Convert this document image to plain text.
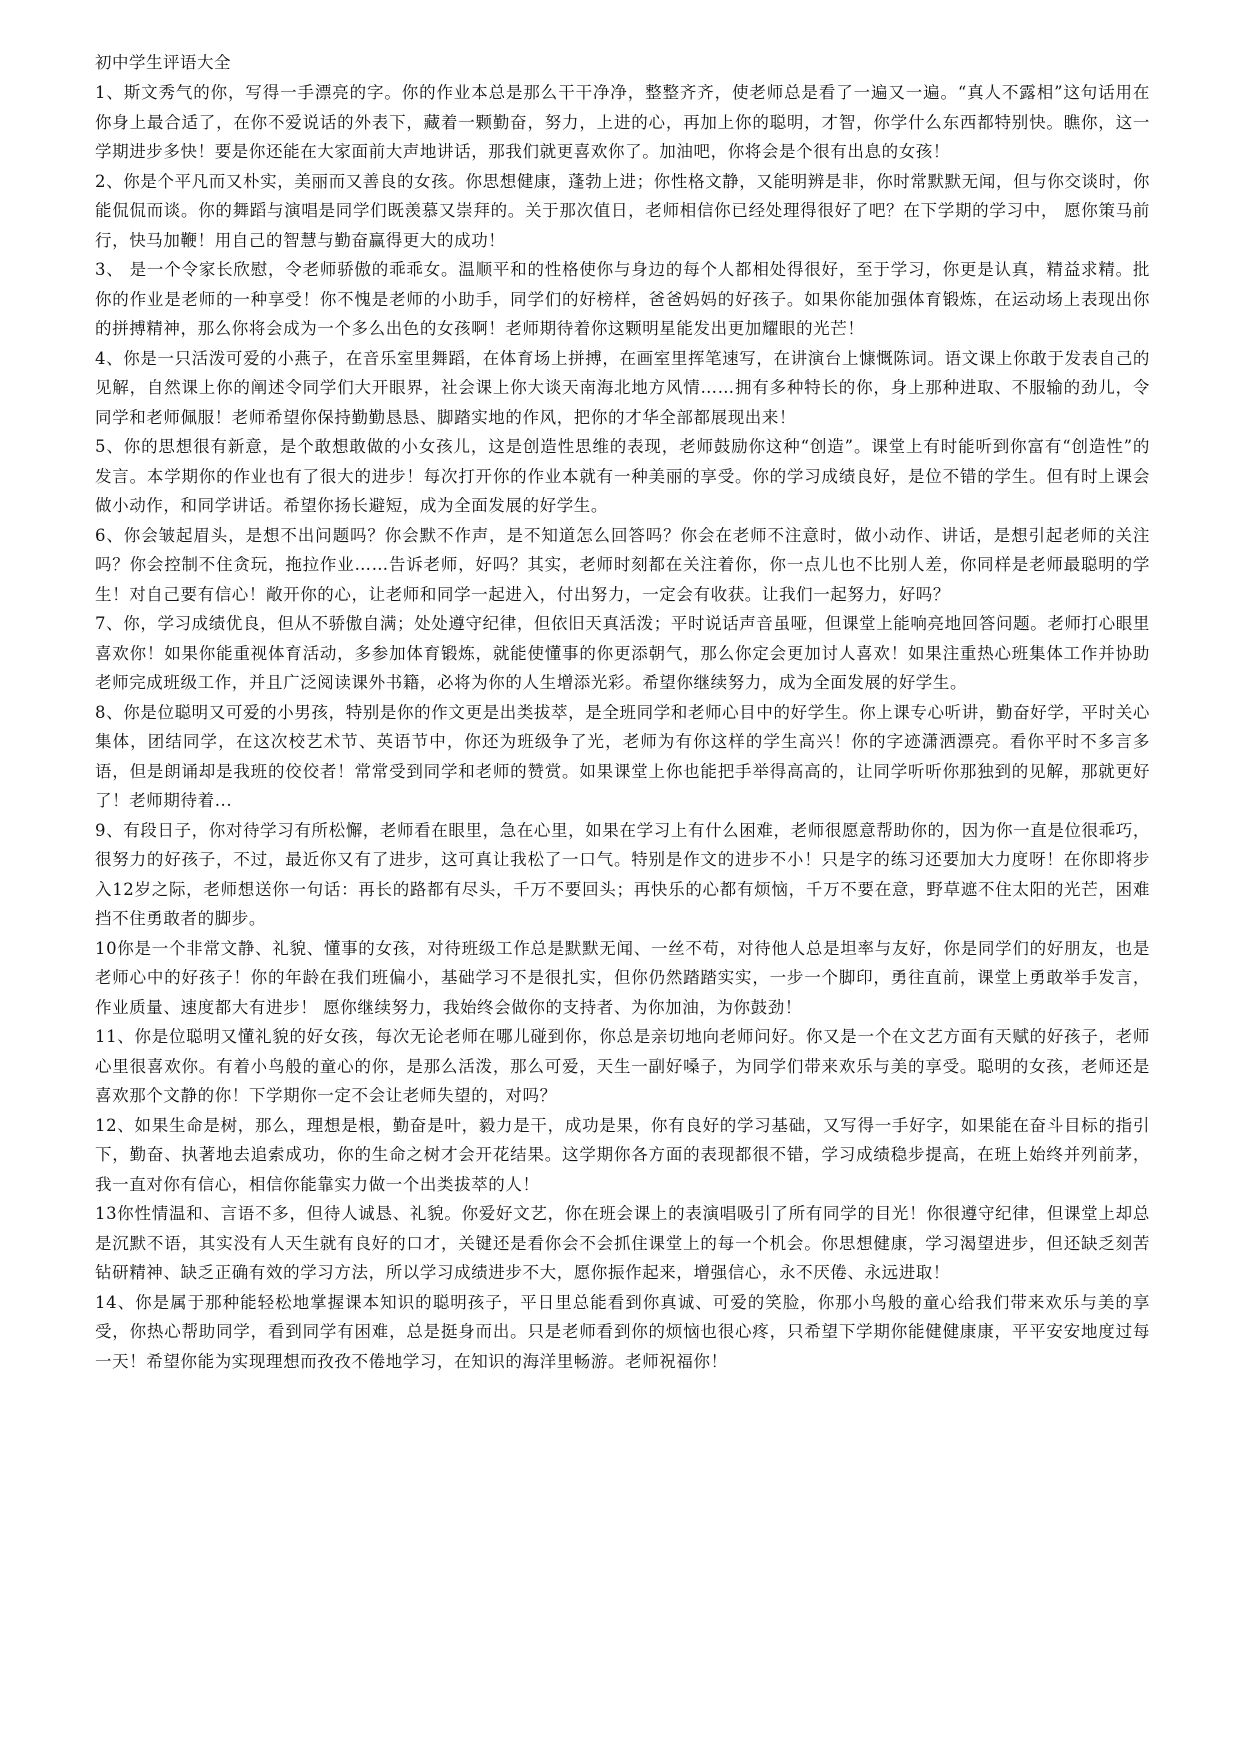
初中学生评语大全

1、斯文秀气的你，写得一手漂亮的字。你的作业本总是那么干干净净，整整齐齐，使老师总是看了一遍又一遍。“真人不露相”这句话用在你身上最合适了，在你不爱说话的外表下，藏着一颗勤奋，努力，上进的心，再加上你的聪明，才智，你学什么东西都特别快。瞧你，这一学期进步多快！要是你还能在大家面前大声地讲话，那我们就更喜欢你了。加油吧，你将会是个很有出息的女孩！

2、你是个平凡而又朴实，美丽而又善良的女孩。你思想健康，蓬勃上进；你性格文静，又能明辨是非，你时常默默无闻，但与你交谈时，你能侃侃而谈。你的舞蹈与演唱是同学们既羡慕又崇拜的。关于那次值日，老师相信你已经处理得很好了吧？在下学期的学习中， 愿你策马前行，快马加鞭！用自己的智慧与勤奋赢得更大的成功！

3、 是一个令家长欣慰，令老师骄傲的乖乖女。温顺平和的性格使你与身边的每个人都相处得很好，至于学习，你更是认真，精益求精。批你的作业是老师的一种享受！你不愧是老师的小助手，同学们的好榜样，爸爸妈妈的好孩子。如果你能加强体育锻炼，在运动场上表现出你的拼搏精神，那么你将会成为一个多么出色的女孩啊！老师期待着你这颗明星能发出更加耀眼的光芒！

4、你是一只活泼可爱的小燕子，在音乐室里舞蹈，在体育场上拼搏，在画室里挥笔速写，在讲演台上慷慨陈词。语文课上你敢于发表自己的见解，自然课上你的阐述令同学们大开眼界，社会课上你大谈天南海北地方风情……拥有多种特长的你，身上那种进取、不服输的劲儿，令同学和老师佩服！老师希望你保持勤勤恳恳、脚踏实地的作风，把你的才华全部都展现出来！

5、你的思想很有新意，是个敢想敢做的小女孩儿，这是创造性思维的表现，老师鼓励你这种“创造”。课堂上有时能听到你富有“创造性”的发言。本学期你的作业也有了很大的进步！每次打开你的作业本就有一种美丽的享受。你的学习成绩良好，是位不错的学生。但有时上课会做小动作，和同学讲话。希望你扬长避短，成为全面发展的好学生。

6、你会皱起眉头，是想不出问题吗？你会默不作声，是不知道怎么回答吗？你会在老师不注意时，做小动作、讲话，是想引起老师的关注吗？你会控制不住贪玩，拖拉作业……告诉老师，好吗？其实，老师时刻都在关注着你，你一点儿也不比别人差，你同样是老师最聪明的学生！对自己要有信心！敞开你的心，让老师和同学一起进入，付出努力，一定会有收获。让我们一起努力，好吗？

7、你，学习成绩优良，但从不骄傲自满；处处遵守纪律，但依旧天真活泼；平时说话声音虽哑，但课堂上能响亮地回答问题。老师打心眼里喜欢你！如果你能重视体育活动，多参加体育锻炼，就能使懂事的你更添朝气，那么你定会更加讨人喜欢！如果注重热心班集体工作并协助老师完成班级工作，并且广泛阅读课外书籍，必将为你的人生增添光彩。希望你继续努力，成为全面发展的好学生。

8、你是位聪明又可爱的小男孩，特别是你的作文更是出类拔萃，是全班同学和老师心目中的好学生。你上课专心听讲，勤奋好学，平时关心集体，团结同学，在这次校艺术节、英语节中，你还为班级争了光，老师为有你这样的学生高兴！你的字迹潇洒漂亮。看你平时不多言多语，但是朗诵却是我班的佼佼者！常常受到同学和老师的赞赏。如果课堂上你也能把手举得高高的，让同学听听你那独到的见解，那就更好了！老师期待着...

9、有段日子，你对待学习有所松懈，老师看在眼里，急在心里，如果在学习上有什么困难，老师很愿意帮助你的，因为你一直是位很乖巧，很努力的好孩子，不过，最近你又有了进步，这可真让我松了一口气。特别是作文的进步不小！只是字的练习还要加大力度呀！在你即将步入12岁之际，老师想送你一句话：再长的路都有尽头，千万不要回头；再快乐的心都有烦恼，千万不要在意，野草遮不住太阳的光芒，困难挡不住勇敢者的脚步。

10你是一个非常文静、礼貌、懂事的女孩，对待班级工作总是默默无闻、一丝不苟，对待他人总是坦率与友好，你是同学们的好朋友，也是老师心中的好孩子！你的年龄在我们班偏小，基础学习不是很扎实，但你仍然踏踏实实，一步一个脚印，勇往直前，课堂上勇敢举手发言，作业质量、速度都大有进步！ 愿你继续努力，我始终会做你的支持者、为你加油，为你鼓劲！

11、你是位聪明又懂礼貌的好女孩，每次无论老师在哪儿碰到你，你总是亲切地向老师问好。你又是一个在文艺方面有天赋的好孩子，老师心里很喜欢你。有着小鸟般的童心的你，是那么活泼，那么可爱，天生一副好嗓子，为同学们带来欢乐与美的享受。聪明的女孩，老师还是喜欢那个文静的你！下学期你一定不会让老师失望的，对吗？

12、如果生命是树，那么，理想是根，勤奋是叶，毅力是干，成功是果，你有良好的学习基础，又写得一手好字，如果能在奋斗目标的指引下，勤奋、执著地去追索成功，你的生命之树才会开花结果。这学期你各方面的表现都很不错，学习成绩稳步提高，在班上始终并列前茅，我一直对你有信心，相信你能靠实力做一个出类拔萃的人！

13你性情温和、言语不多，但待人诚恳、礼貌。你爱好文艺，你在班会课上的表演唱吸引了所有同学的目光！你很遵守纪律，但课堂上却总是沉默不语，其实没有人天生就有良好的口才，关键还是看你会不会抓住课堂上的每一个机会。你思想健康，学习渴望进步，但还缺乏刻苦钻研精神、缺乏正确有效的学习方法，所以学习成绩进步不大，愿你振作起来，增强信心，永不厌倦、永远进取！

14、你是属于那种能轻松地掌握课本知识的聪明孩子，平日里总能看到你真诚、可爱的笑脸，你那小鸟般的童心给我们带来欢乐与美的享受，你热心帮助同学，看到同学有困难，总是挺身而出。只是老师看到你的烦恼也很心疼，只希望下学期你能健健康康，平平安安地度过每一天！希望你能为实现理想而孜孜不倦地学习，在知识的海洋里畅游。老师祝福你！
